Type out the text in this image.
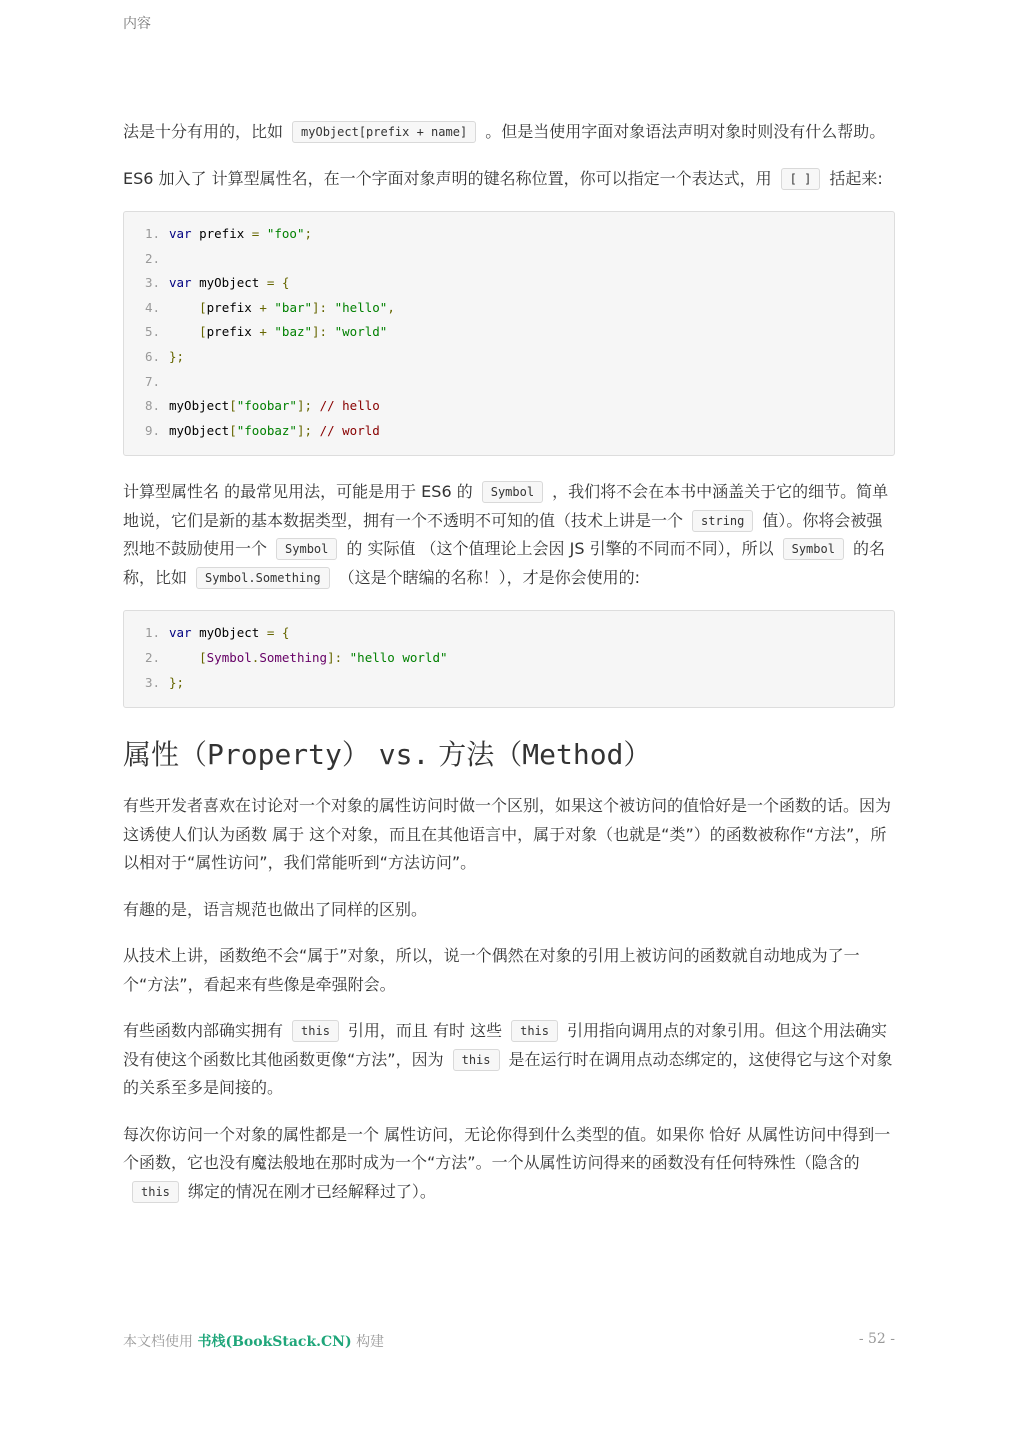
内容

法是十分有用的，比如 myObject[prefix + name] 。但是当使用字面对象语法声明对象时则没有什么帮助。

ES6 加入了 计算型属性名，在一个字面对象声明的键名称位置，你可以指定一个表达式，用 [ ] 括起来:

1. var prefix = "foo";
2.
3. var myObject = {
4.	[prefix + "bar"]: "hello",
5.	[prefix + "baz"]: "world"
6. };
7.
8. myObject["foobar"]; // hello
9. myObject["foobaz"]; // world

计算型属性名 的最常见用法，可能是用于 ES6 的 Symbol ，我们将不会在本书中涵盖关于它的细节。简单地说，它们是新的基本数据类型，拥有一个不透明不可知的值（技术上讲是一个 string 值）。你将会被强烈地不鼓励使用一个 Symbol 的 实际值 （这个值理论上会因 JS 引擎的不同而不同），所以 Symbol 的名称，比如 Symbol.Something （这是个瞎编的名称！），才是你会使用的:

1. var myObject = {
2.	[Symbol.Something]: "hello world"
3. };
属性（Property） vs. 方法（Method）

有些开发者喜欢在讨论对一个对象的属性访问时做一个区别，如果这个被访问的值恰好是一个函数的话。因为这诱使人们认为函数 属于 这个对象，而且在其他语言中，属于对象（也就是“类”）的函数被称作“方法”，所以相对于“属性访问”，我们常能听到“方法访问”。

有趣的是，语言规范也做出了同样的区别。

从技术上讲，函数绝不会“属于”对象，所以，说一个偶然在对象的引用上被访问的函数就自动地成为了一个“方法”，看起来有些像是牵强附会。

有些函数内部确实拥有 this 引用，而且 有时 这些 this 引用指向调用点的对象引用。但这个用法确实没有使这个函数比其他函数更像“方法”，因为 this 是在运行时在调用点动态绑定的，这使得它与这个对象的关系至多是间接的。

每次你访问一个对象的属性都是一个 属性访问，无论你得到什么类型的值。如果你 恰好 从属性访问中得到一个函数，它也没有魔法般地在那时成为一个“方法”。一个从属性访问得来的函数没有任何特殊性（隐含的this 绑定的情况在刚才已经解释过了）。

本文档使用 书栈(BookStack.CN) 构建	- 52 -
